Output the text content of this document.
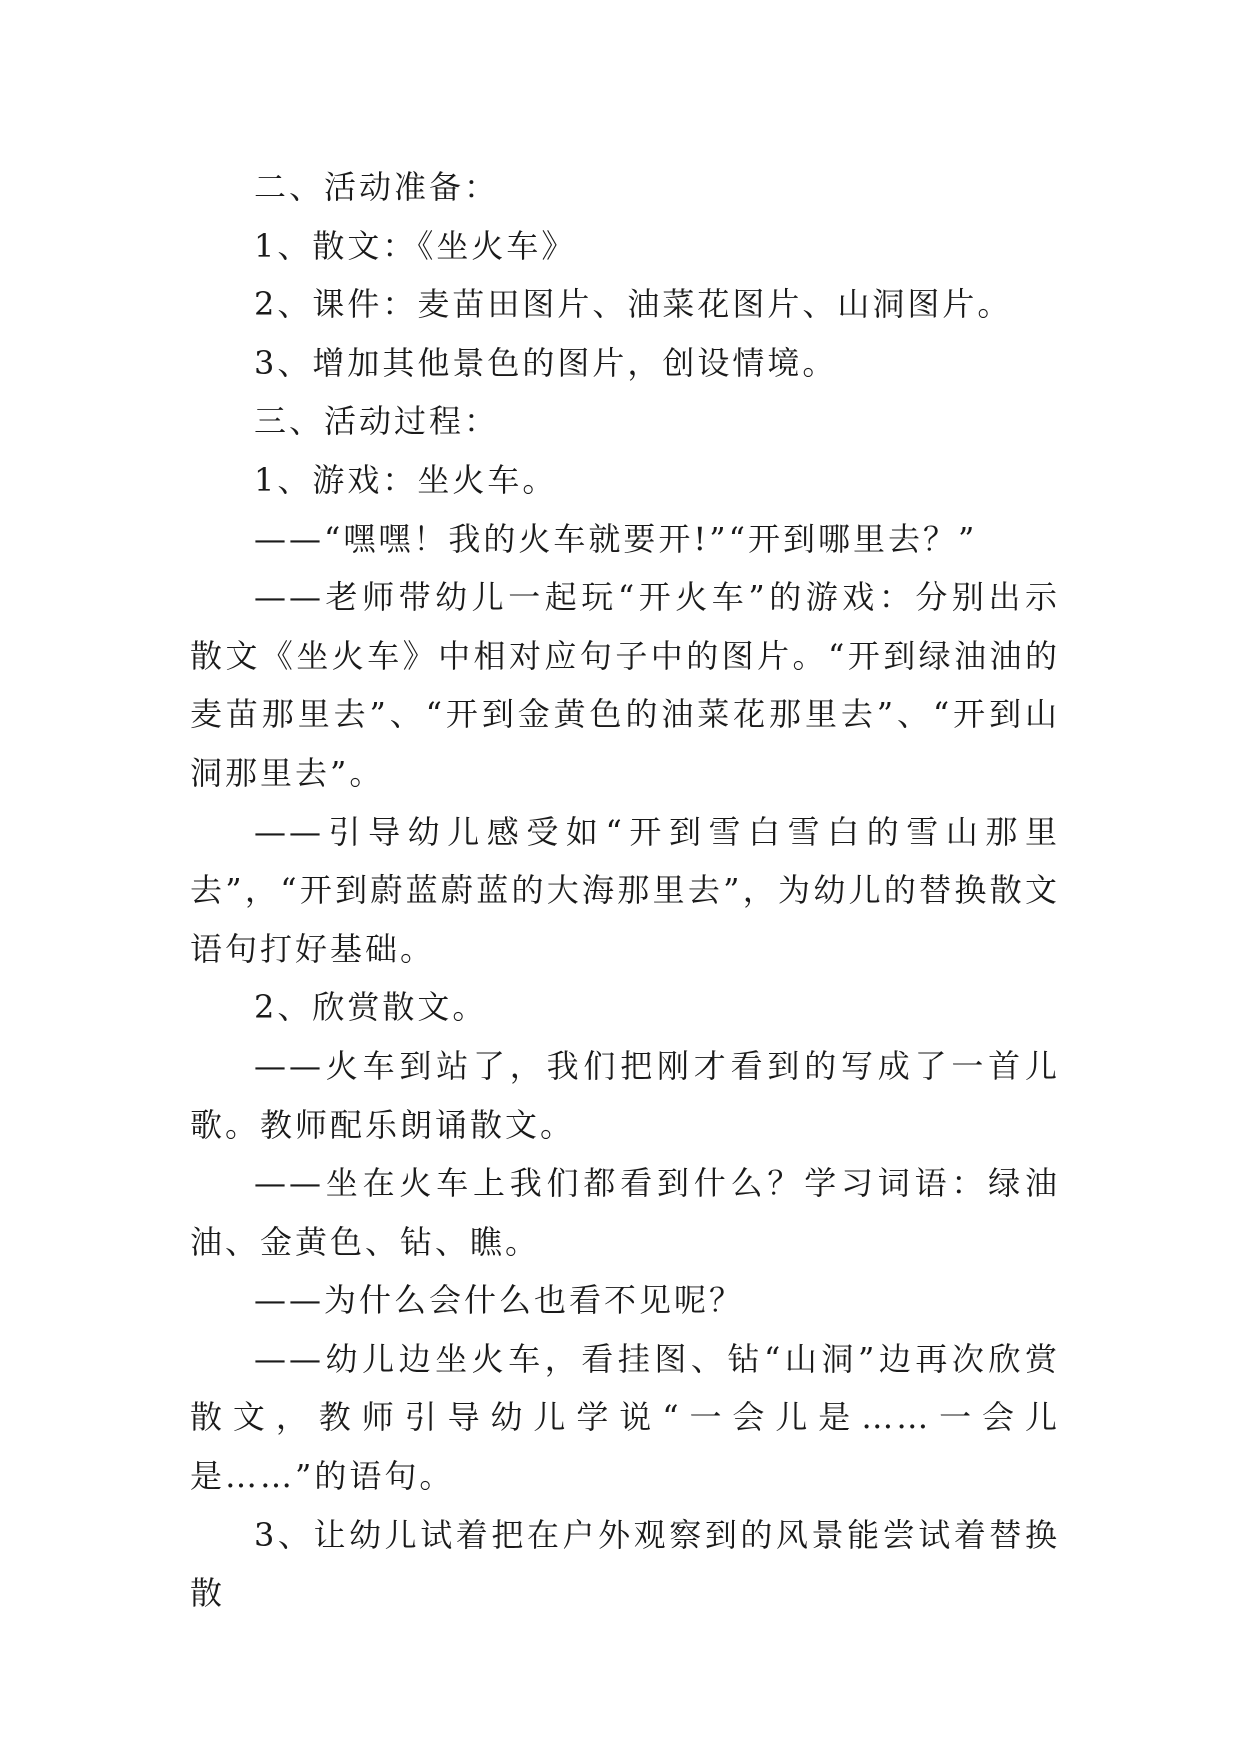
二、活动准备：

1、散文：《坐火车》

2、课件：麦苗田图片、油菜花图片、山洞图片。

3、增加其他景色的图片，创设情境。

三、活动过程：

1、游戏：坐火车。

——“嘿嘿！我的火车就要开!”“开到哪里去？”

——老师带幼儿一起玩“开火车”的游戏：分别出示散文《坐火车》中相对应句子中的图片。“开到绿油油的麦苗那里去”、“开到金黄色的油菜花那里去”、“开到山洞那里去”。

——引导幼儿感受如“开到雪白雪白的雪山那里去”，“开到蔚蓝蔚蓝的大海那里去”，为幼儿的替换散文语句打好基础。

2、欣赏散文。

——火车到站了，我们把刚才看到的写成了一首儿歌。教师配乐朗诵散文。

——坐在火车上我们都看到什么？学习词语：绿油油、金黄色、钻、瞧。

——为什么会什么也看不见呢？

——幼儿边坐火车，看挂图、钻“山洞”边再次欣赏散文，教师引导幼儿学说“一会儿是……一会儿是……”的语句。

3、让幼儿试着把在户外观察到的风景能尝试着替换散
